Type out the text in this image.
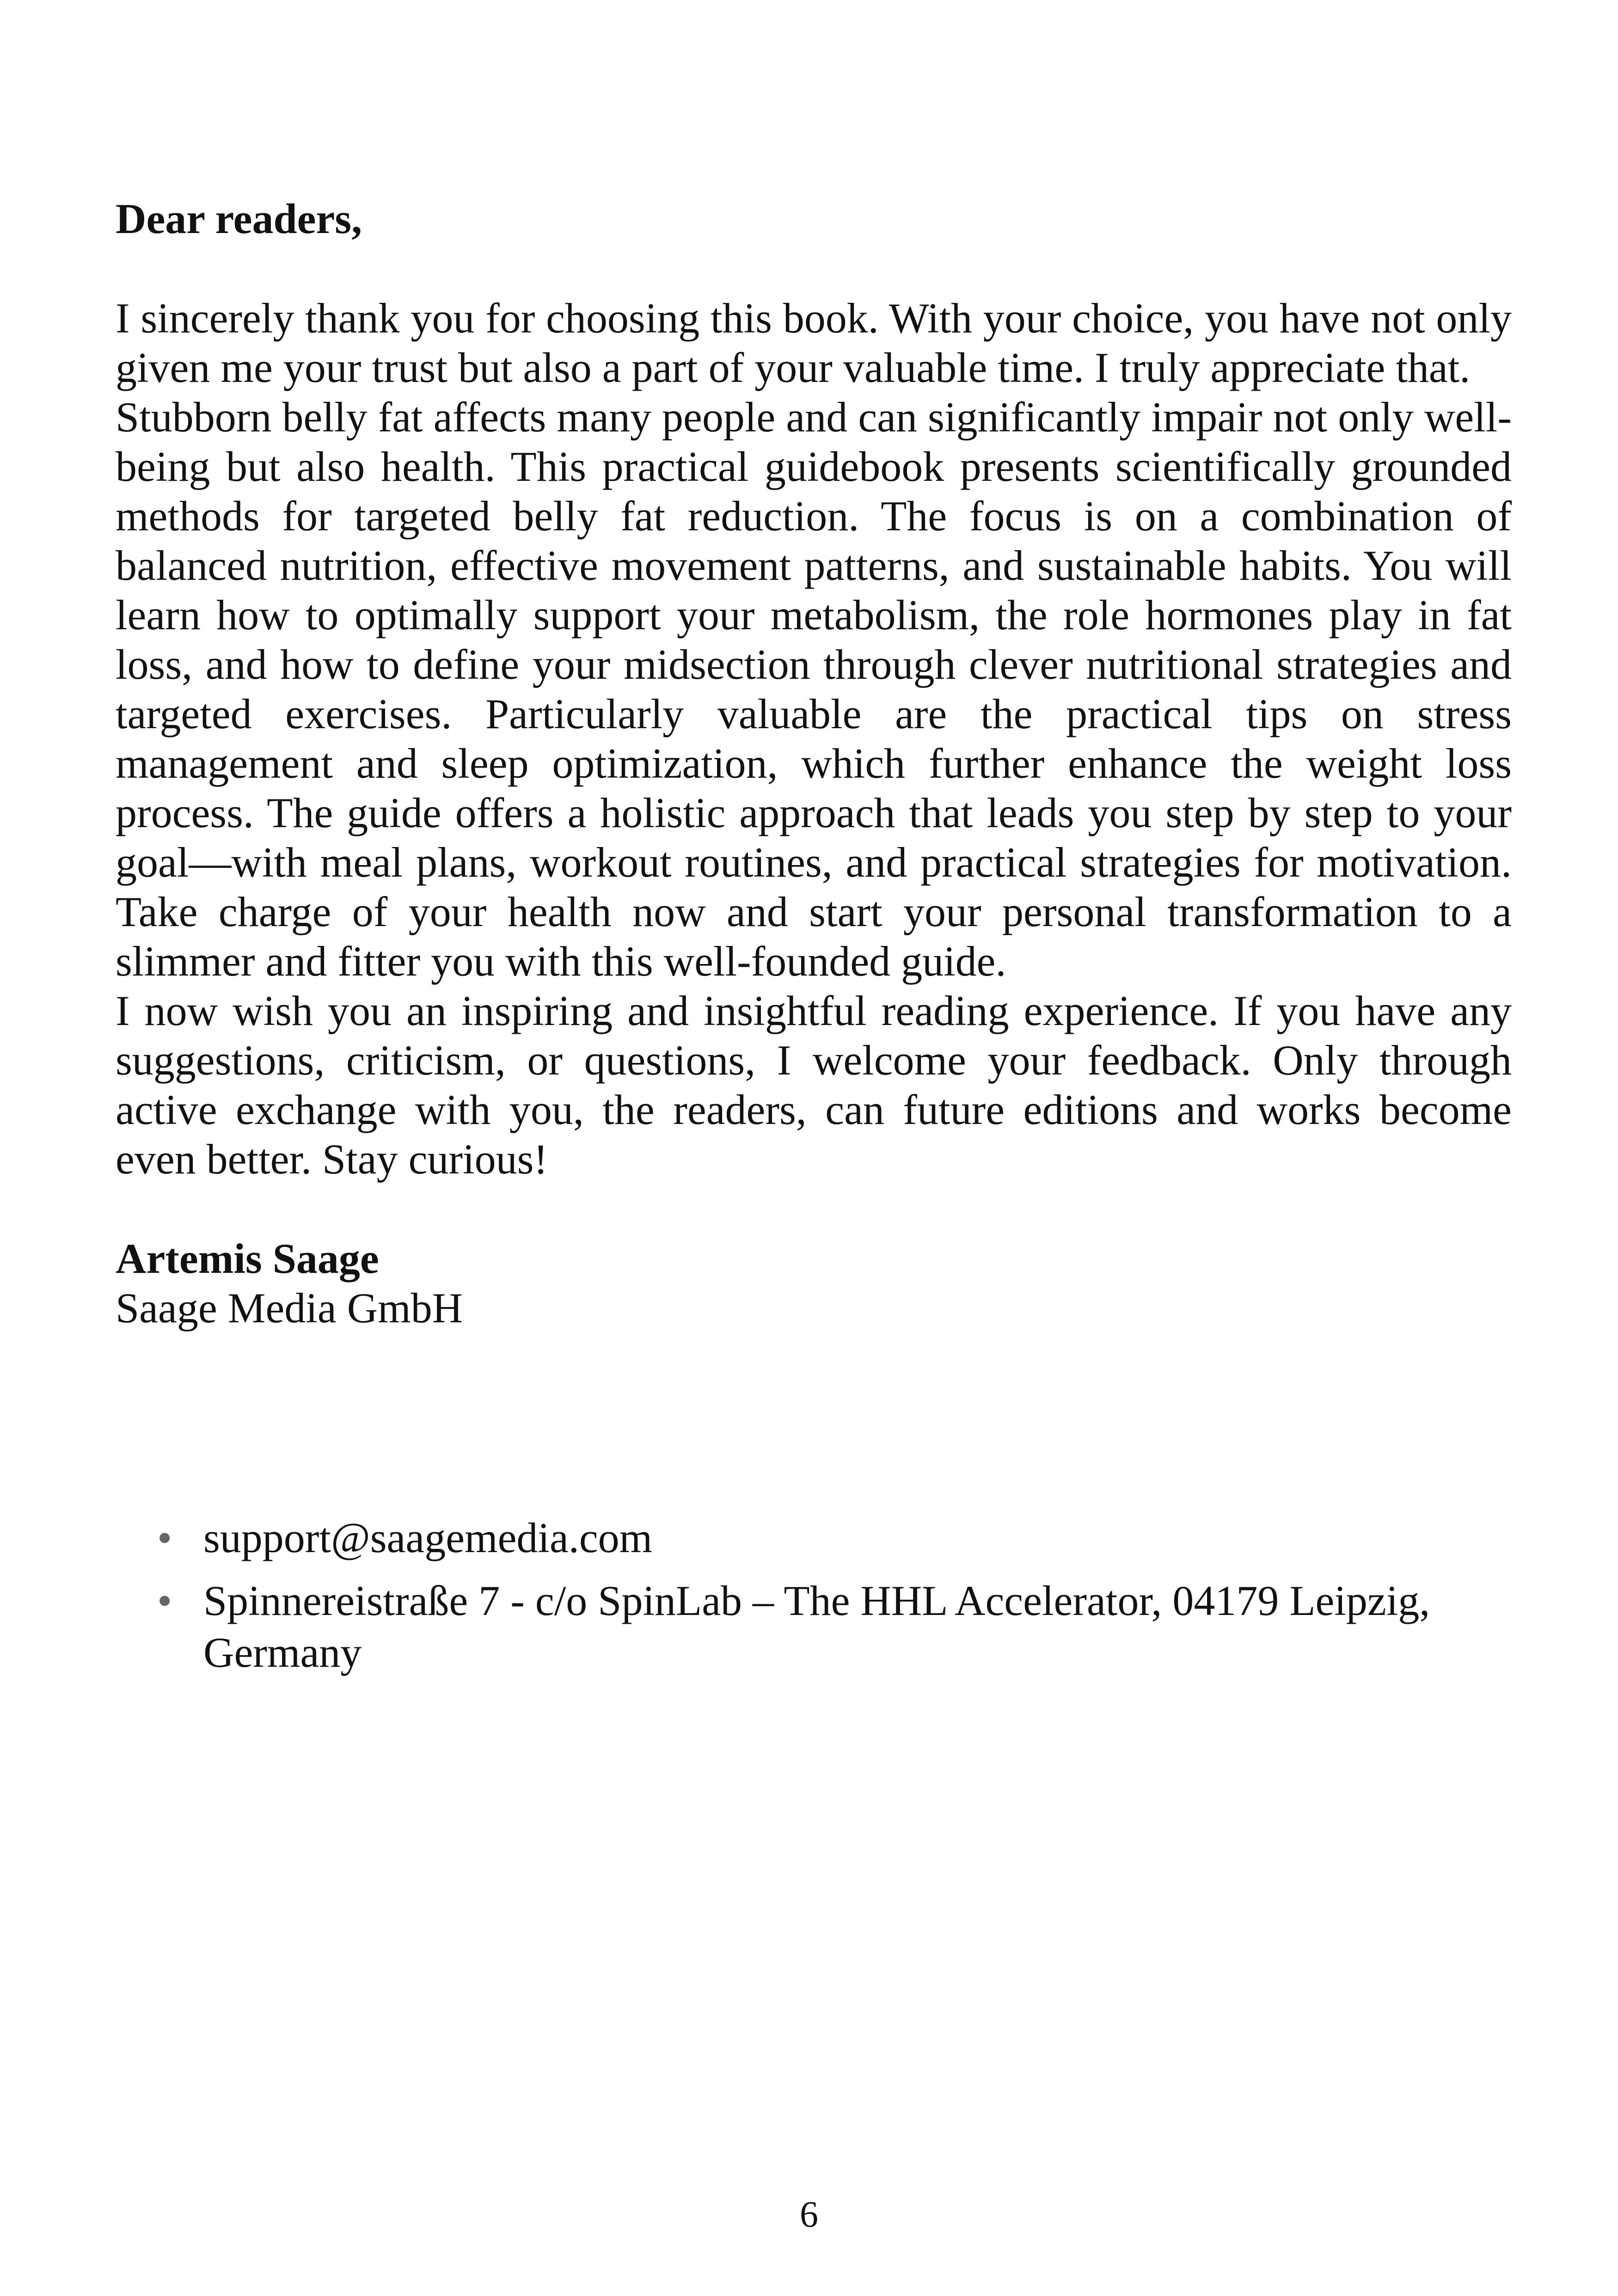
Dear readers,

I sincerely thank you for choosing this book. With your choice, you have not only given me your trust but also a part of your valuable time. I truly appreciate that.

Stubborn belly fat affects many people and can significantly impair not only well-being but also health. This practical guidebook presents scientifically grounded methods for targeted belly fat reduction. The focus is on a combination of balanced nutrition, effective movement patterns, and sustainable habits. You will learn how to optimally support your metabolism, the role hormones play in fat loss, and how to define your midsection through clever nutritional strategies and targeted exercises. Particularly valuable are the practical tips on stress management and sleep optimization, which further enhance the weight loss process. The guide offers a holistic approach that leads you step by step to your goal—with meal plans, workout routines, and practical strategies for motivation. Take charge of your health now and start your personal transformation to a slimmer and fitter you with this well-founded guide.

I now wish you an inspiring and insightful reading experience. If you have any suggestions, criticism, or questions, I welcome your feedback. Only through active exchange with you, the readers, can future editions and works become even better. Stay curious!

Artemis Saage

Saage Media GmbH

• support@saagemedia.com
• Spinnereistraße 7 - c/o SpinLab – The HHL Accelerator, 04179 Leipzig, Germany
6
